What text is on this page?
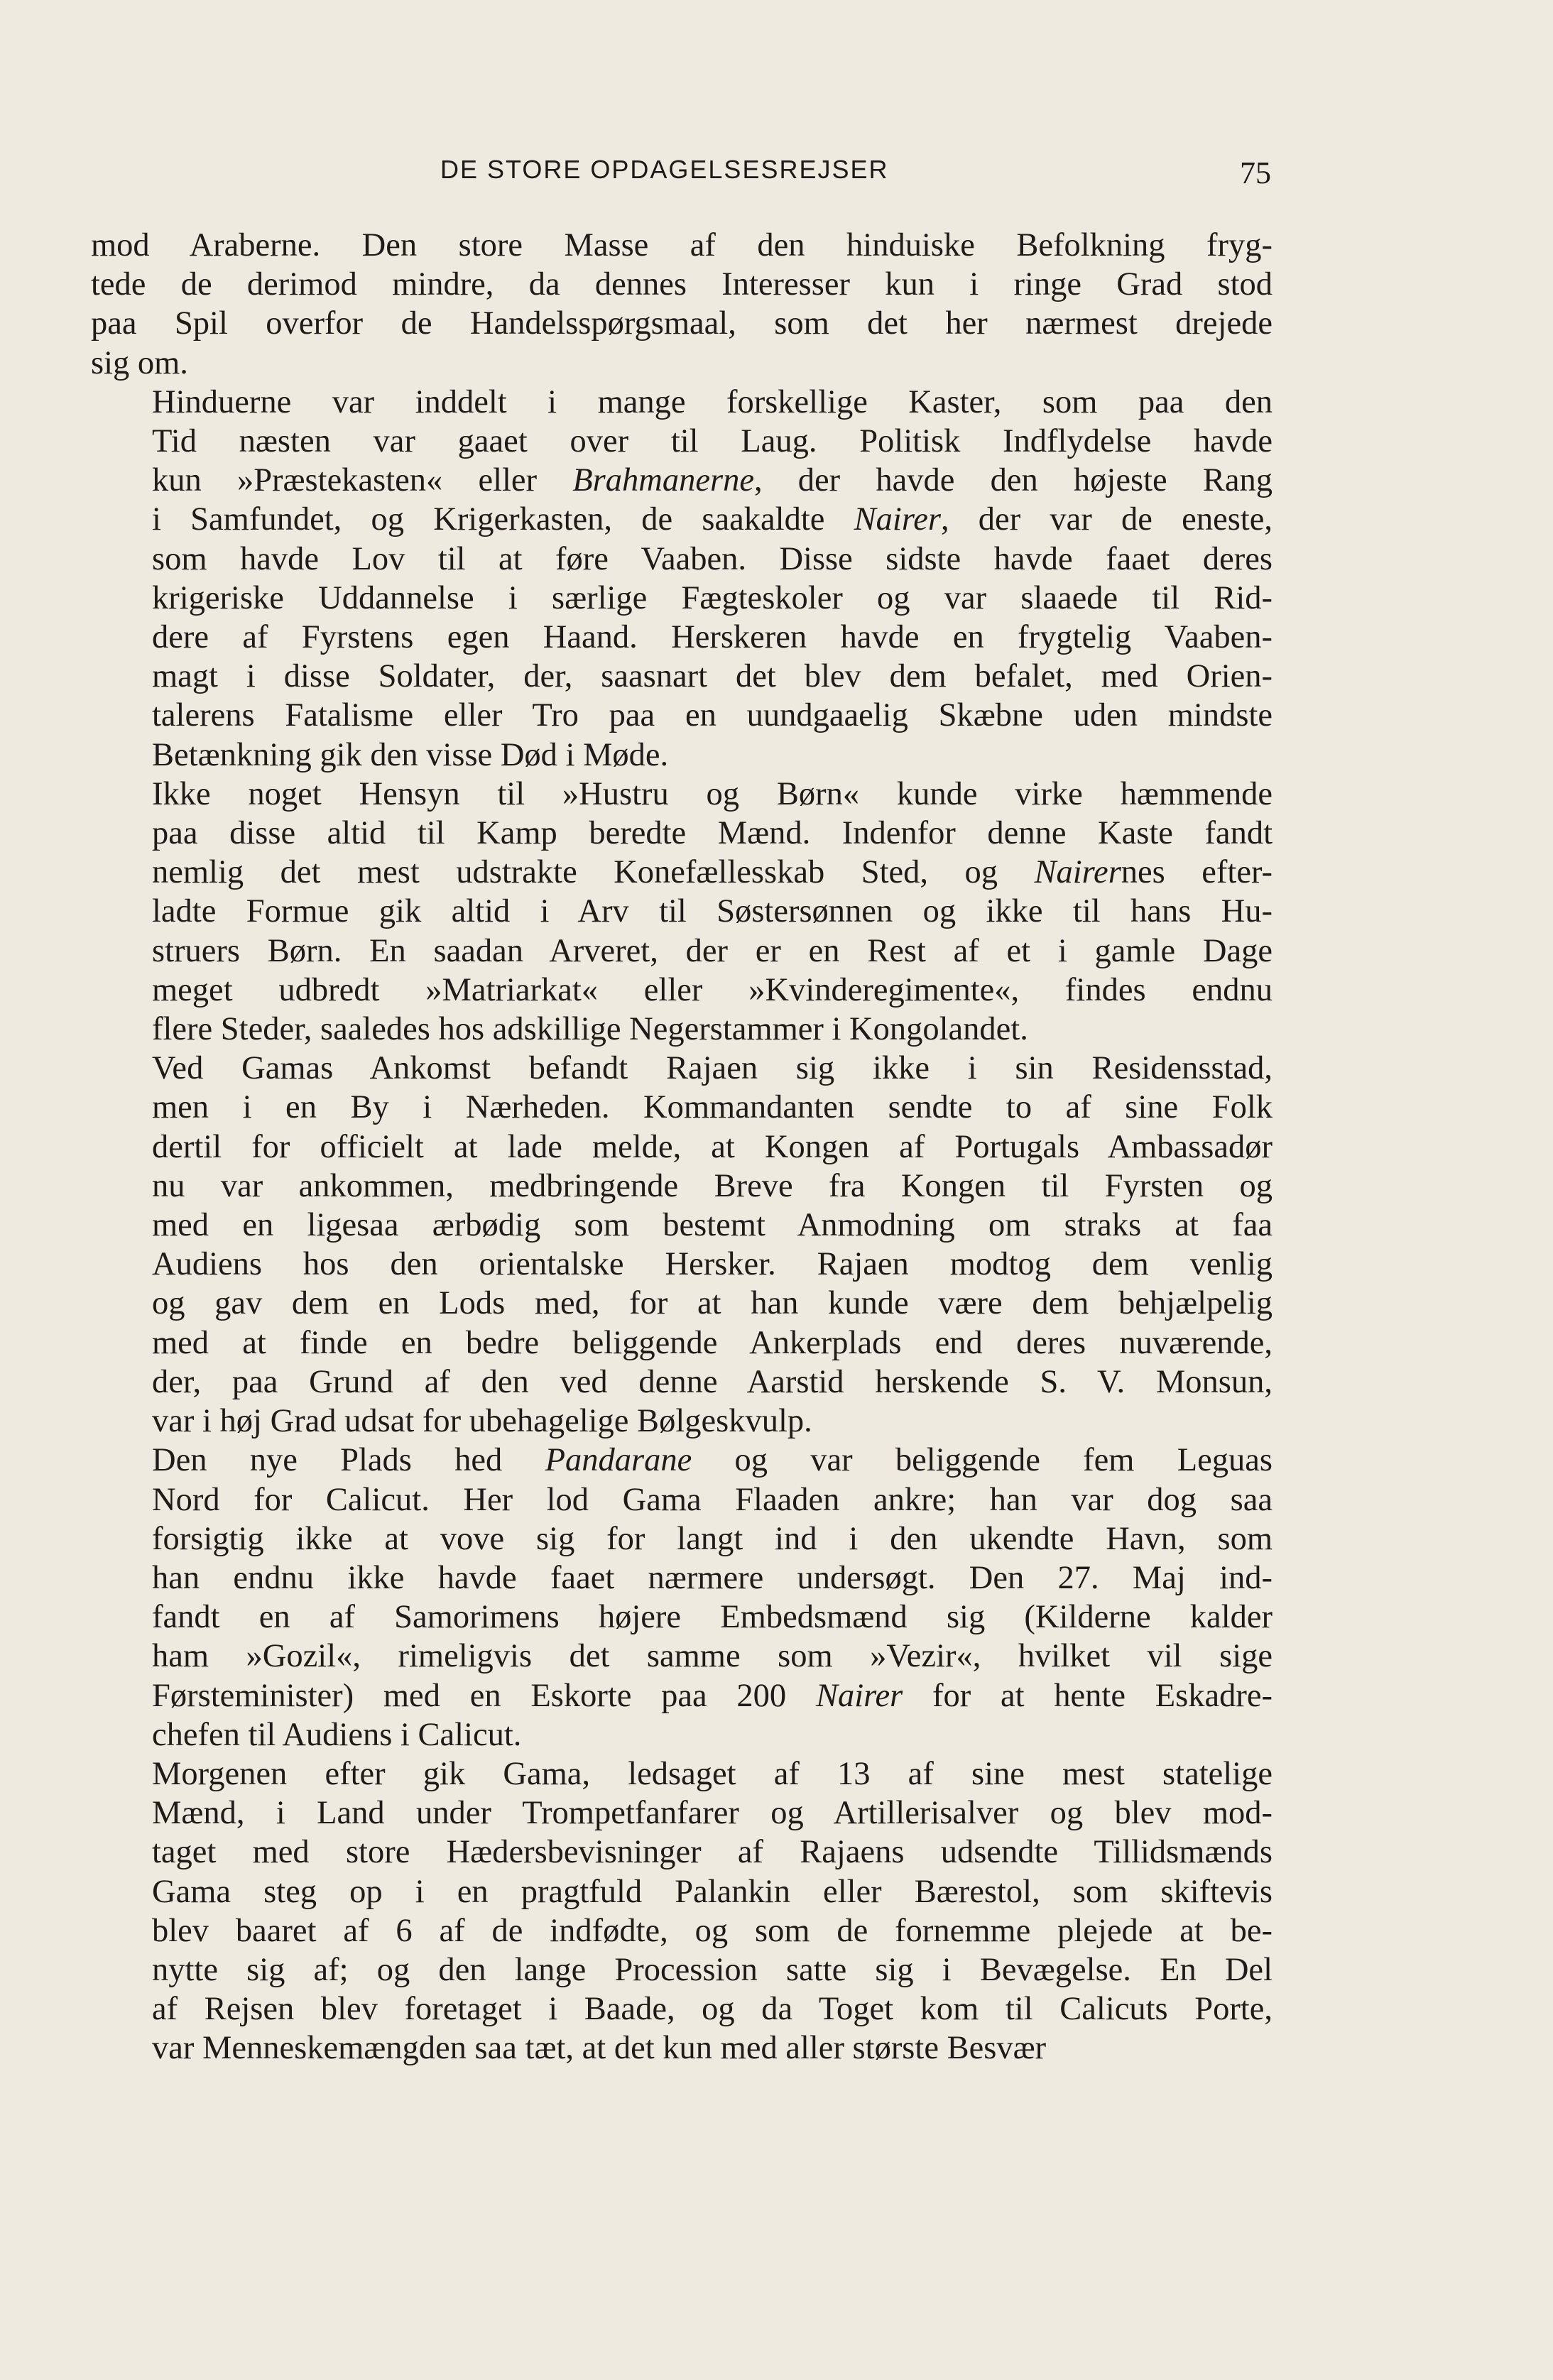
DE STORE OPDAGELSESREJSER	75

mod Araberne. Den store Masse af den hinduiske Befolkning fryg-
tede de derimod mindre, da dennes Interesser kun i ringe Grad stod
paa Spil overfor de Handelsspørgsmaal, som det her nærmest drejede
sig om.

Hinduerne var inddelt i mange forskellige Kaster, som paa den
Tid næsten var gaaet over til Laug. Politisk Indflydelse havde
kun »Præstekasten« eller Brahmanerne, der havde den højeste Rang
i Samfundet, og Krigerkasten, de saakaldte Nairer, der var de eneste,
som havde Lov til at føre Vaaben. Disse sidste havde faaet deres
krigeriske Uddannelse i særlige Fægteskoler og var slaaede til Rid-
dere af Fyrstens egen Haand. Herskeren havde en frygtelig Vaaben-
magt i disse Soldater, der, saasnart det blev dem befalet, med Orien-
talerens Fatalisme eller Tro paa en uundgaaelig Skæbne uden mindste
Betænkning gik den visse Død i Møde.

Ikke noget Hensyn til »Hustru og Børn« kunde virke hæmmende
paa disse altid til Kamp beredte Mænd. Indenfor denne Kaste fandt
nemlig det mest udstrakte Konefællesskab Sted, og Nairernes efter-
ladte Formue gik altid i Arv til Søstersønnen og ikke til hans Hu-
struers Børn. En saadan Arveret, der er en Rest af et i gamle Dage
meget udbredt »Matriarkat« eller »Kvinderegimente«, findes endnu
flere Steder, saaledes hos adskillige Negerstammer i Kongolandet.

Ved Gamas Ankomst befandt Rajaen sig ikke i sin Residensstad,
men i en By i Nærheden. Kommandanten sendte to af sine Folk
dertil for officielt at lade melde, at Kongen af Portugals Ambassadør
nu var ankommen, medbringende Breve fra Kongen til Fyrsten og
med en ligesaa ærbødig som bestemt Anmodning om straks at faa
Audiens hos den orientalske Hersker. Rajaen modtog dem venlig
og gav dem en Lods med, for at han kunde være dem behjælpelig
med at finde en bedre beliggende Ankerplads end deres nuværende,
der, paa Grund af den ved denne Aarstid herskende S. V. Monsun,
var i høj Grad udsat for ubehagelige Bølgeskvulp.

Den nye Plads hed Pandarane og var beliggende fem Leguas
Nord for Calicut. Her lod Gama Flaaden ankre; han var dog saa
forsigtig ikke at vove sig for langt ind i den ukendte Havn, som
han endnu ikke havde faaet nærmere undersøgt. Den 27. Maj ind-
fandt en af Samorimens højere Embedsmænd sig (Kilderne kalder
ham »Gozil«, rimeligvis det samme som »Vezir«, hvilket vil sige
Førsteminister) med en Eskorte paa 200 Nairer for at hente Eskadre-
chefen til Audiens i Calicut.

Morgenen efter gik Gama, ledsaget af 13 af sine mest statelige
Mænd, i Land under Trompetfanfarer og Artillerisalver og blev mod-
taget med store Hædersbevisninger af Rajaens udsendte Tillidsmænds
Gama steg op i en pragtfuld Palankin eller Bærestol, som skiftevis
blev baaret af 6 af de indfødte, og som de fornemme plejede at be-
nytte sig af; og den lange Procession satte sig i Bevægelse. En Del
af Rejsen blev foretaget i Baade, og da Toget kom til Calicuts Porte,
var Menneskemængden saa tæt, at det kun med aller største Besvær
